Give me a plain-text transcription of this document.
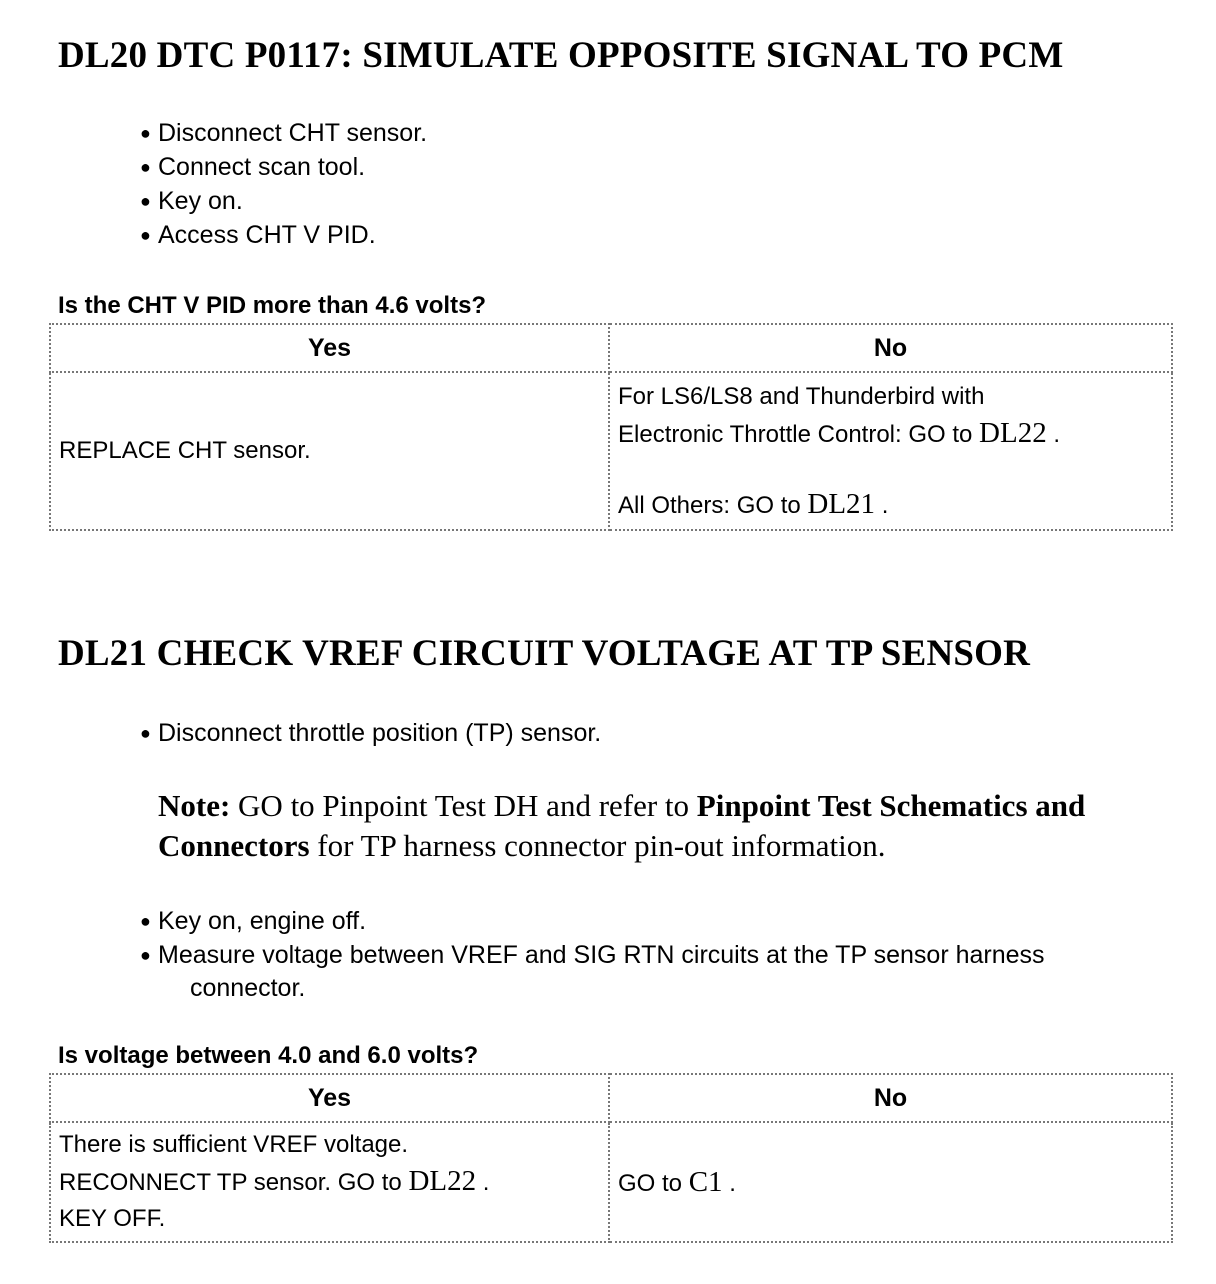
DL20 DTC P0117: SIMULATE OPPOSITE SIGNAL TO PCM
● Disconnect CHT sensor.
● Connect scan tool.
● Key on.
● Access CHT V PID.

Is the CHT V PID more than 4.6 volts?

Yes	No
REPLACE CHT sensor.	For LS6/LS8 and Thunderbird with
Electronic Throttle Control: GO to DL22 .
All Others: GO to DL21 .
DL21 CHECK VREF CIRCUIT VOLTAGE AT TP SENSOR
● Disconnect throttle position (TP) sensor.

Note: GO to Pinpoint Test DH and refer to Pinpoint Test Schematics and
Connectors for TP harness connector pin-out information.

● Key on, engine off.
● Measure voltage between VREF and SIG RTN circuits at the TP sensor harness
connector.

Is voltage between 4.0 and 6.0 volts?

Yes	No

There is sufficient VREF voltage.
RECONNECT TP sensor. GO to DL22 .
KEY OFF.	GO to C1 .
